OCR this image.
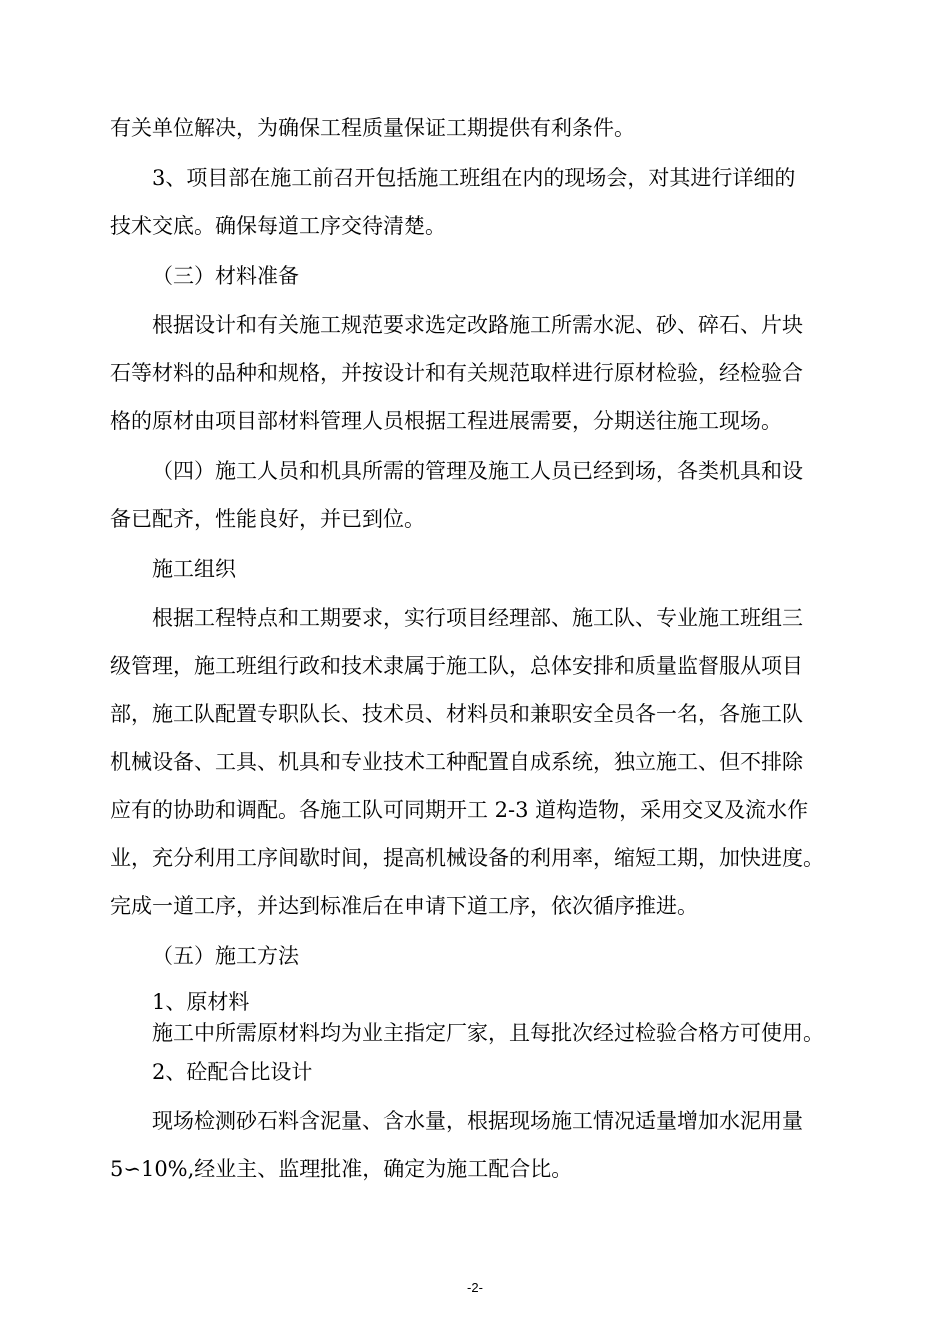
有关单位解决，为确保工程质量保证工期提供有利条件。
3、项目部在施工前召开包括施工班组在内的现场会，对其进行详细的
技术交底。确保每道工序交待清楚。
（三）材料准备
根据设计和有关施工规范要求选定改路施工所需水泥、砂、碎石、片块
石等材料的品种和规格，并按设计和有关规范取样进行原材检验，经检验合
格的原材由项目部材料管理人员根据工程进展需要，分期送往施工现场。
（四）施工人员和机具所需的管理及施工人员已经到场，各类机具和设
备已配齐，性能良好，并已到位。
施工组织
根据工程特点和工期要求，实行项目经理部、施工队、专业施工班组三
级管理，施工班组行政和技术隶属于施工队，总体安排和质量监督服从项目
部，施工队配置专职队长、技术员、材料员和兼职安全员各一名，各施工队
机械设备、工具、机具和专业技术工种配置自成系统，独立施工、但不排除
应有的协助和调配。各施工队可同期开工 2-3 道构造物，采用交叉及流水作
业，充分利用工序间歇时间，提高机械设备的利用率，缩短工期，加快进度。
完成一道工序，并达到标准后在申请下道工序，依次循序推进。
（五）施工方法
1、原材料
施工中所需原材料均为业主指定厂家，且每批次经过检验合格方可使用。
2、砼配合比设计
现场检测砂石料含泥量、含水量，根据现场施工情况适量增加水泥用量
5∽10%,经业主、监理批准，确定为施工配合比。
-2-
